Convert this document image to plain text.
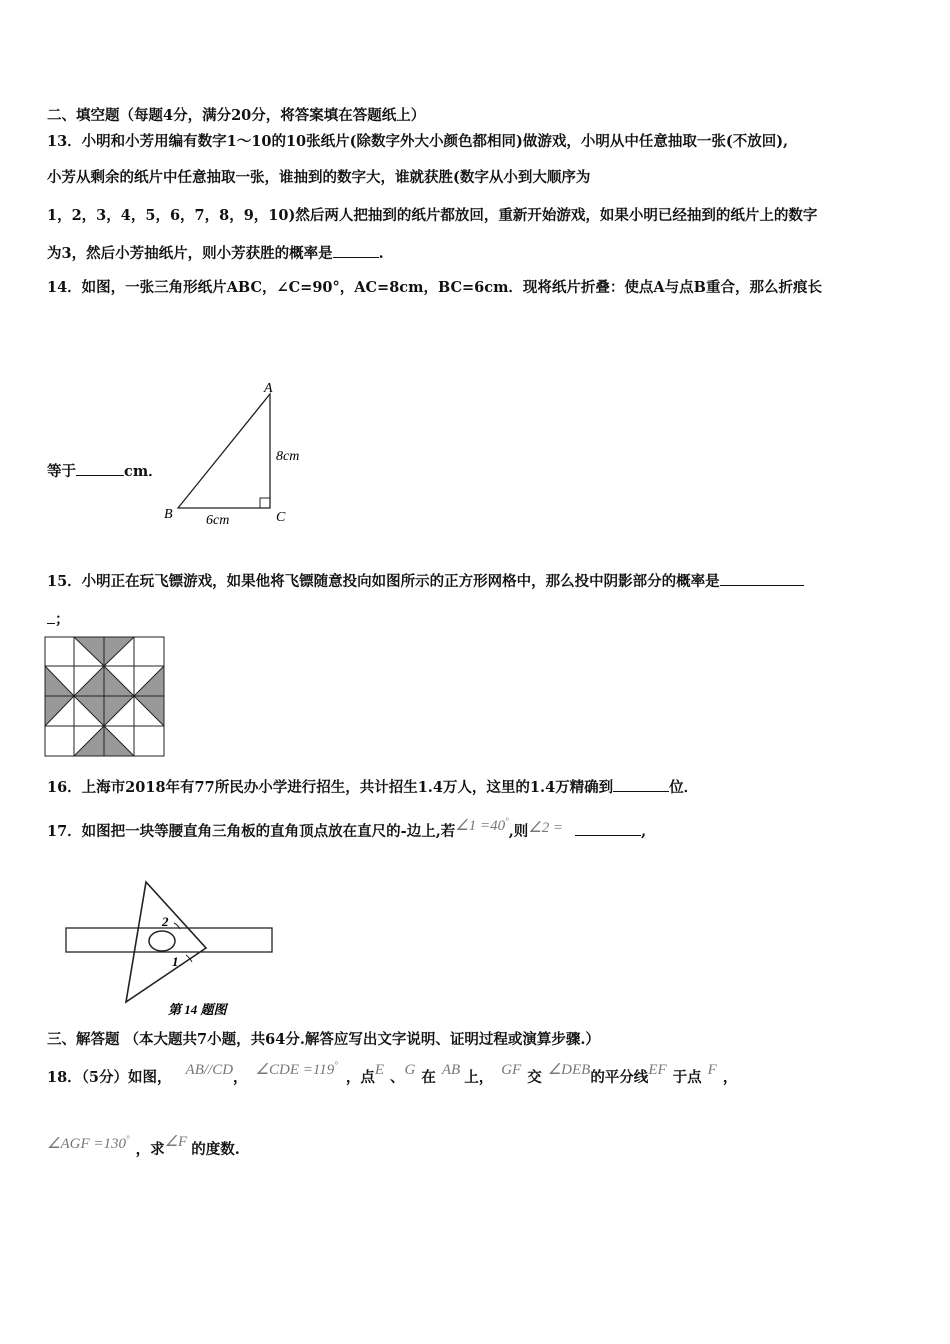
二、填空题（每题4分，满分20分，将答案填在答题纸上）
13．小明和小芳用编有数字1～10的10张纸片(除数字外大小颜色都相同)做游戏，小明从中任意抽取一张(不放回),
小芳从剩余的纸片中任意抽取一张，谁抽到的数字大，谁就获胜(数字从小到大顺序为
1，2，3，4，5，6，7，8，9，10)然后两人把抽到的纸片都放回，重新开始游戏，如果小明已经抽到的纸片上的数字
为3，然后小芳抽纸片，则小芳获胜的概率是	.
14．如图，一张三角形纸片ABC，∠C=90°，AC=8cm，BC=6cm．现将纸片折叠：使点A与点B重合，那么折痕长
等于	cm．
A
B	C
8cm
6cm
15．小明正在玩飞镖游戏，如果他将飞镖随意投向如图所示的正方形网格中，那么投中阴影部分的概率是
；
16．上海市2018年有77所民办小学进行招生，共计招生1.4万人，这里的1.4万精确到	位．
17．如图把一块等腰直角三角板的直角顶点放在直尺的-边上,若∠1 =40°,则∠2 =	,
2
1
第 14 题图
三、解答题 （本大题共7小题，共64分.解答应写出文字说明、证明过程或演算步骤.）
18．（5分）如图， AB//CD， ∠CDE =119°，点E 、G 在 AB 上， GF 交 ∠DEB的平分线EF 于点 F ，
∠AGF =130°，求∠F 的度数.
